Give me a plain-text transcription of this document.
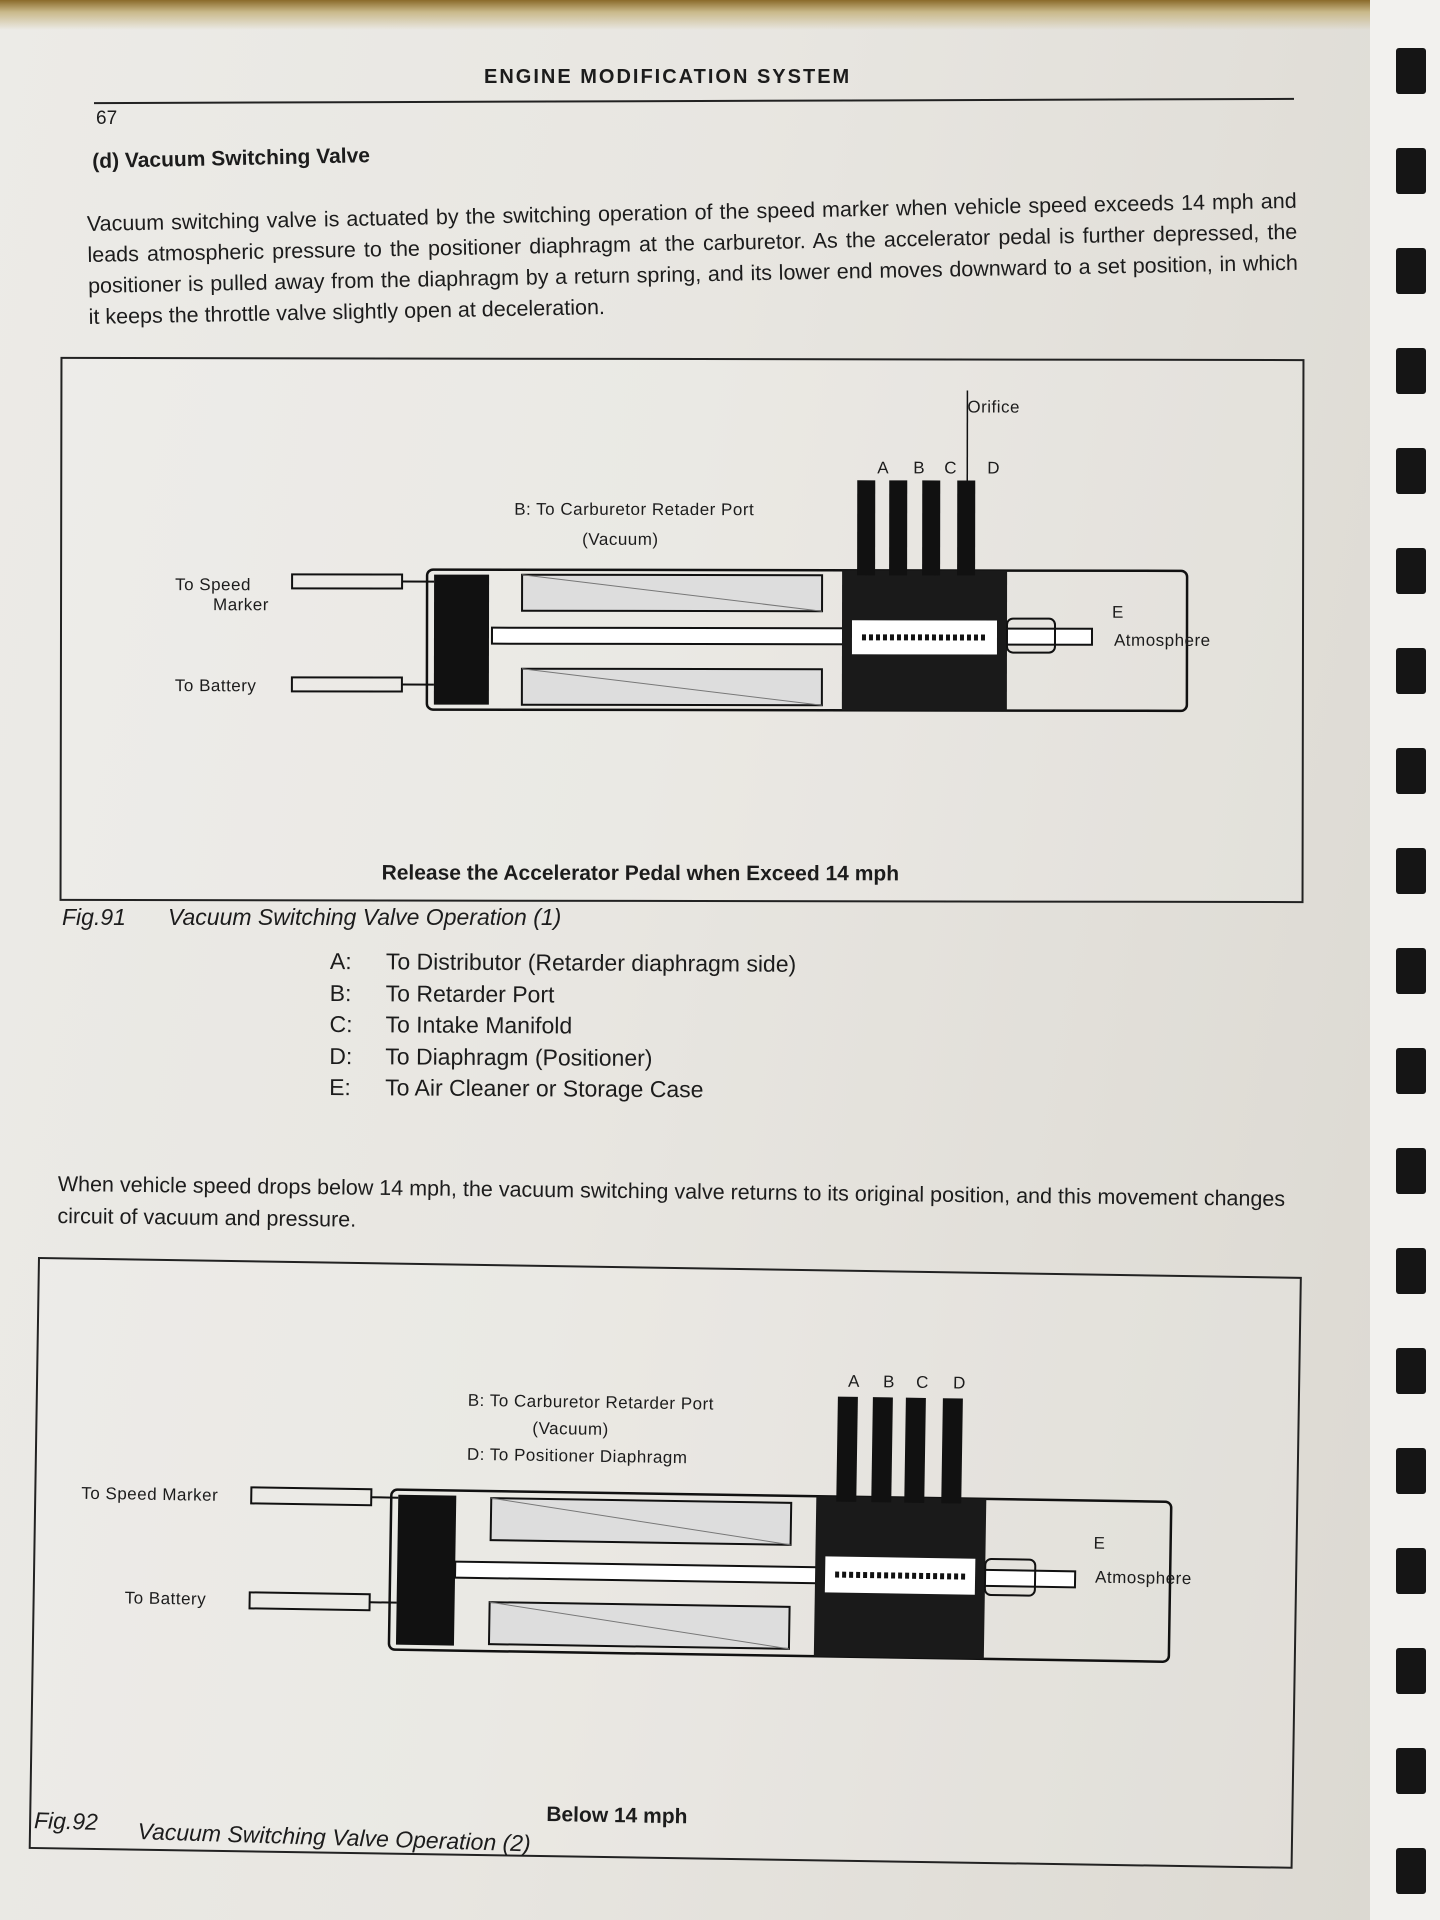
ENGINE MODIFICATION SYSTEM
67
(d) Vacuum Switching Valve
Vacuum switching valve is actuated by the switching operation of the speed marker when vehicle speed exceeds 14 mph and leads atmospheric pressure to the positioner diaphragm at the carburetor. As the accelerator pedal is further depressed, the positioner is pulled away from the diaphragm by a return spring, and its lower end moves downward to a set position, in which it keeps the throttle valve slightly open at deceleration.
Orifice
A B C D
E
B: To Carburetor Retader Port
(Vacuum)
To Speed
Marker
To Battery
Atmosphere
Release the Accelerator Pedal when Exceed 14 mph
Fig.91 Vacuum Switching Valve Operation (1)
A:	To Distributor (Retarder diaphragm side)
B:	To Retarder Port
C:	To Intake Manifold
D:	To Diaphragm (Positioner)
E:	To Air Cleaner or Storage Case
When vehicle speed drops below 14 mph, the vacuum switching valve returns to its original position, and this movement changes circuit of vacuum and pressure.
A B C D
E
B: To Carburetor Retarder Port
(Vacuum)
D: To Positioner Diaphragm
To Speed Marker
To Battery
Atmosphere
Below 14 mph
Fig.92 Vacuum Switching Valve Operation (2)
